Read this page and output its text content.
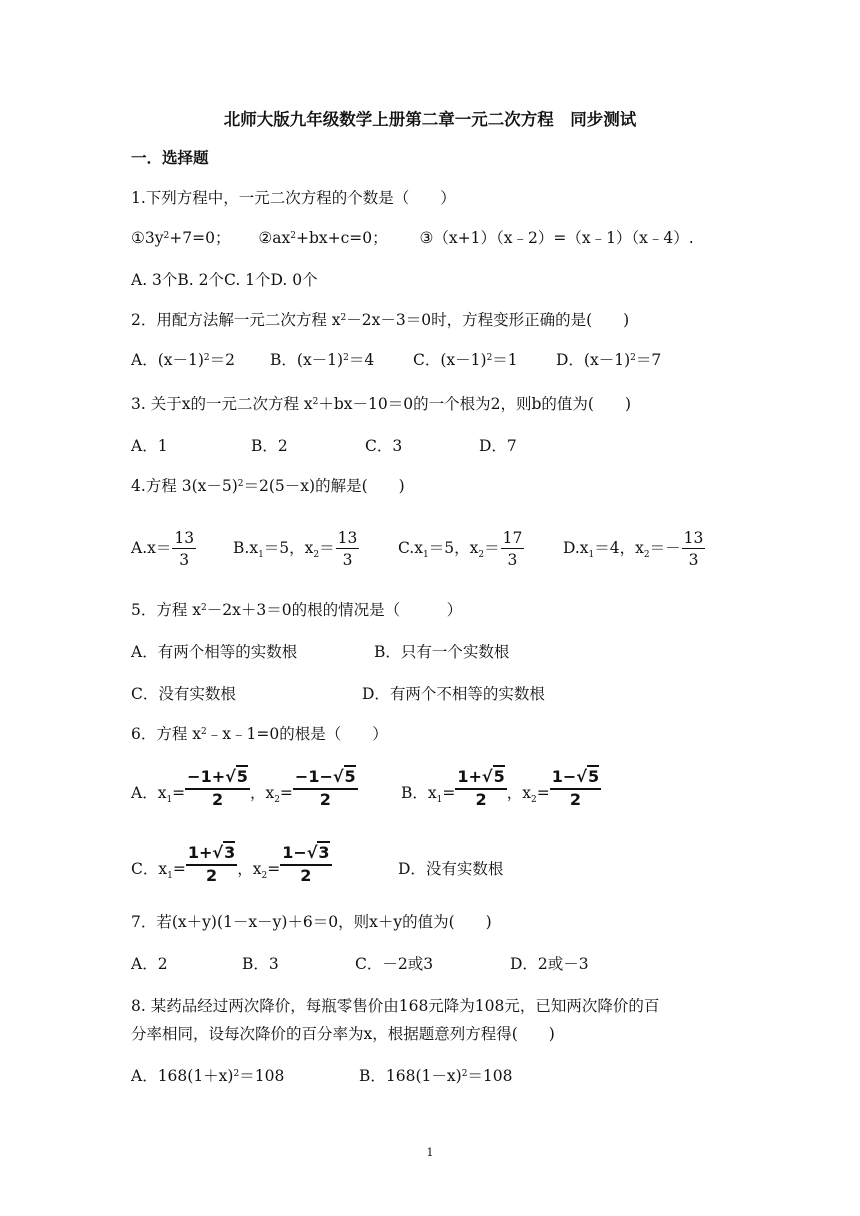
北师大版九年级数学上册第二章一元二次方程　同步测试
一．选择题
1.下列方程中，一元二次方程的个数是（　　）
$①3y^2+7=0$； $②ax^2+bx+c=0$； ③（x+1）（x﹣2）=（x﹣1）（x﹣4）.
A. 3个B. 2个C. 1个D. 0个
2．用配方法解一元二次方程 $x^2-2x-3=0$时，方程变形正确的是(　　)
A．$(x-1)^2=2$ B．$(x-1)^2=4$	C．$(x-1)^2=1$ D．$(x-1)^2=7$
3. 关于x的一元二次方程 $x^2+bx-10=0$的一个根为2，则b的值为(　　)
A．1	B．2	C．3	D．7
4.方程 $3(x-5)^2=2(5-x)$的解是(　　)
$A.x= \frac{13}{3} B.x_1=5$，$x_2= \frac{13}{3} C.x_1=5$，$x_2= \frac{17}{3} D.x_1=4$，$x_2=- \frac{13}{3}$
5．方程 $x^2-2x+3=0$的根的情况是（　　　）
A．有两个相等的实数根	B．只有一个实数根
C．没有实数根	D．有两个不相等的实数根
6．方程 $x^2﹣x﹣1=0$的根是（　　）
A．$x_1= \frac{-1+√5}{2}$ ，$x_2= \frac{-1-√5}{2}$	B．$x_1= \frac{1+√5}{2}$ ，$x_2= \frac{1-√5}{2}$
C．$x_1= \frac{1+√3}{2}$ ，$x_2= \frac{1-√3}{2}$	D．没有实数根
7．若(x＋y)(1－x－y)＋6＝0，则x＋y的值为(　　)
A．2	B．3	C．－2或3	D．2或－3
8. 某药品经过两次降价，每瓶零售价由168元降为108元，已知两次降价的百
分率相同，设每次降价的百分率为x，根据题意列方程得(　　)
A．$168(1+x)^2=108$	B．$168(1-x)^2=108$
1
